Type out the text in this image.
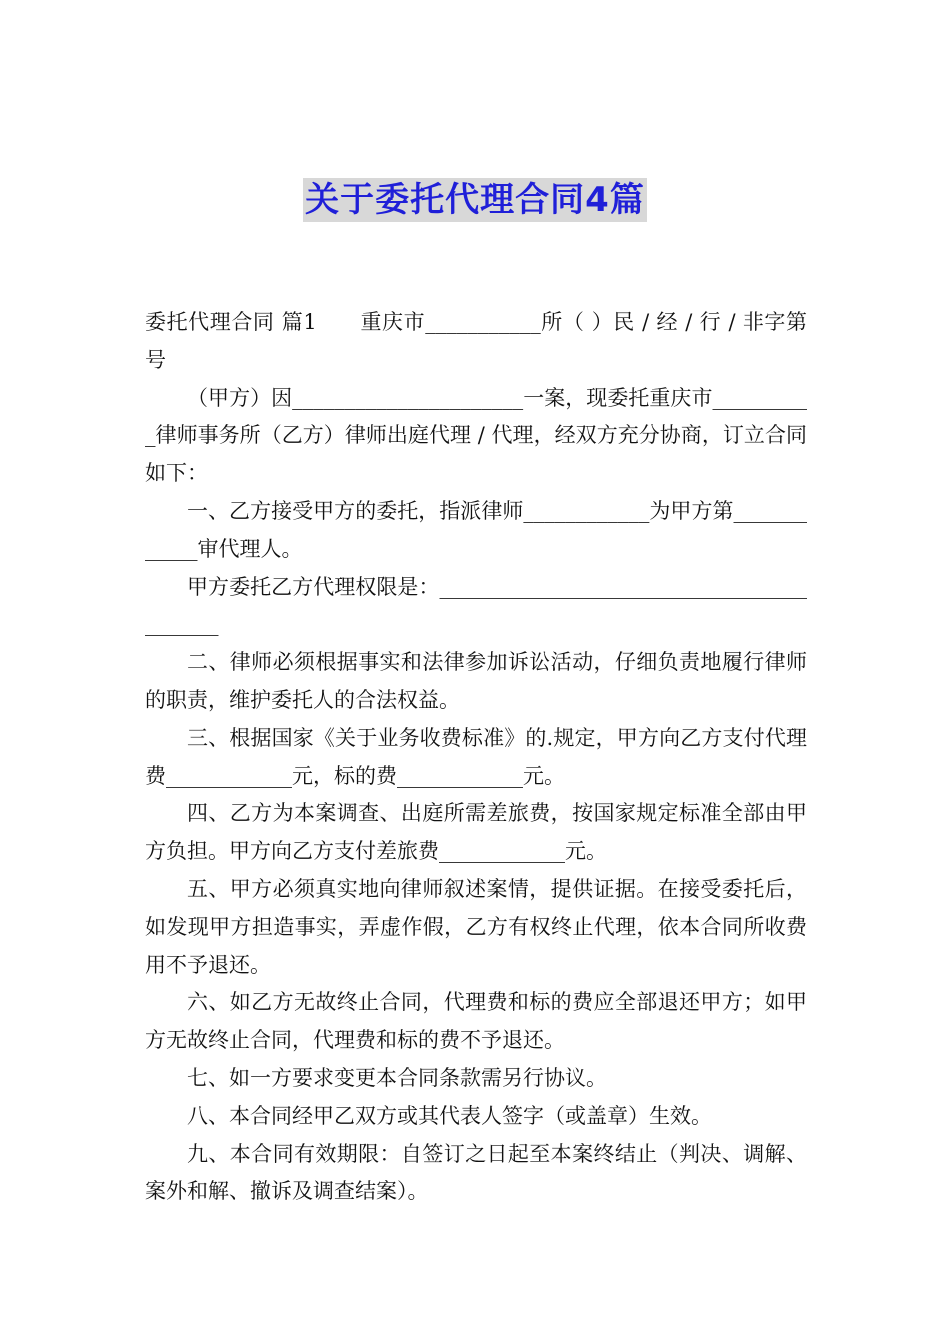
关于委托代理合同4篇

委托代理合同 篇1　　重庆市___________所（ ）民 / 经 / 行 / 非字第 号

（甲方）因______________________一案，现委托重庆市__________律师事务所（乙方）律师出庭代理 / 代理，经双方充分协商，订立合同如下：

一、乙方接受甲方的委托，指派律师____________为甲方第____________审代理人。

甲方委托乙方代理权限是：__________________________________________

二、律师必须根据事实和法律参加诉讼活动，仔细负责地履行律师的职责，维护委托人的合法权益。

三、根据国家《关于业务收费标准》的.规定，甲方向乙方支付代理费____________元，标的费____________元。

四、乙方为本案调查、出庭所需差旅费，按国家规定标准全部由甲方负担。甲方向乙方支付差旅费____________元。

五、甲方必须真实地向律师叙述案情，提供证据。在接受委托后，如发现甲方担造事实，弄虚作假，乙方有权终止代理，依本合同所收费用不予退还。

六、如乙方无故终止合同，代理费和标的费应全部退还甲方；如甲方无故终止合同，代理费和标的费不予退还。

七、如一方要求变更本合同条款需另行协议。

八、本合同经甲乙双方或其代表人签字（或盖章）生效。

九、本合同有效期限：自签订之日起至本案终结止（判决、调解、案外和解、撤诉及调查结案）。
